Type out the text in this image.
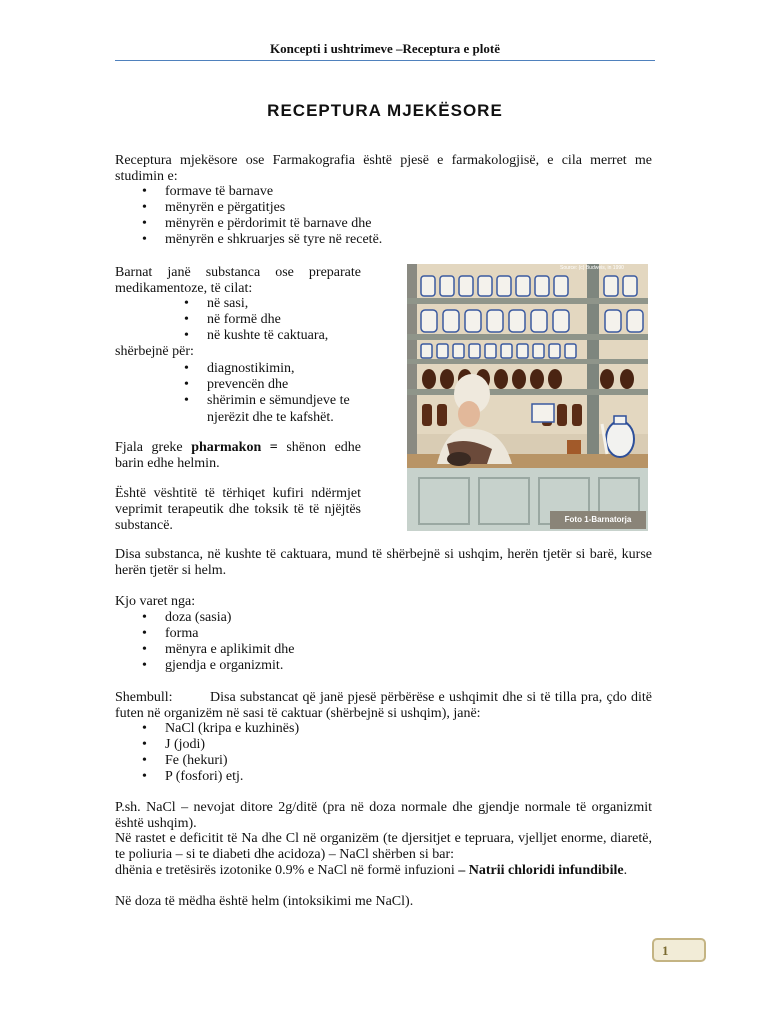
Koncepti i ushtrimeve –Receptura e plotë
RECEPTURA MJEKËSORE

Receptura mjekësore ose Farmakografia është pjesë e farmakologjisë, e cila merret me studimin e:

• formave të barnave
• mënyrën e përgatitjes
• mënyrën e përdorimit të barnave dhe
• mënyrën e shkruarjes së tyre në recetë.

Barnat janë substanca ose preparate medikamentoze, të cilat:

• në sasi,
• në formë dhe
• në kushte të caktuara,

shërbejnë për:

• diagnostikimin,
• prevencën dhe
• shërimin e sëmundjeve te

njerëzit dhe te kafshët.

Fjala greke pharmakon = shënon edhe barin edhe helmin.

Është vështitë të tërhiqet kufiri ndërmjet veprimit terapeutik dhe toksik të të njëjtës substancë.

Source: (c) Budweis, in 1990
Foto 1-Barnatorja

Disa substanca, në kushte të caktuara, mund të shërbejnë si ushqim, herën tjetër si barë, kurse herën tjetër si helm.

Kjo varet nga:

• doza (sasia)
• forma
• mënyra e aplikimit dhe
• gjendja e organizmit.

Shembull:	Disa substancat që janë pjesë përbërëse e ushqimit dhe si të tilla pra, çdo ditë futen në organizëm në sasi të caktuar (shërbejnë si ushqim), janë:

• NaCl (kripa e kuzhinës)
• J (jodi)
• Fe (hekuri)
• P (fosfori) etj.

P.sh. NaCl – nevojat ditore 2g/ditë (pra në doza normale dhe gjendje normale të organizmit është ushqim).

Në rastet e deficitit të Na dhe Cl në organizëm (te djersitjet e tepruara, vjelljet enorme, diaretë, te poliuria – si te diabeti dhe acidoza) – NaCl shërben si bar:

dhënia e tretësirës izotonike 0.9% e NaCl në formë infuzioni – Natrii chloridi infundibile.

Në doza të mëdha është helm (intoksikimi me NaCl).

1
